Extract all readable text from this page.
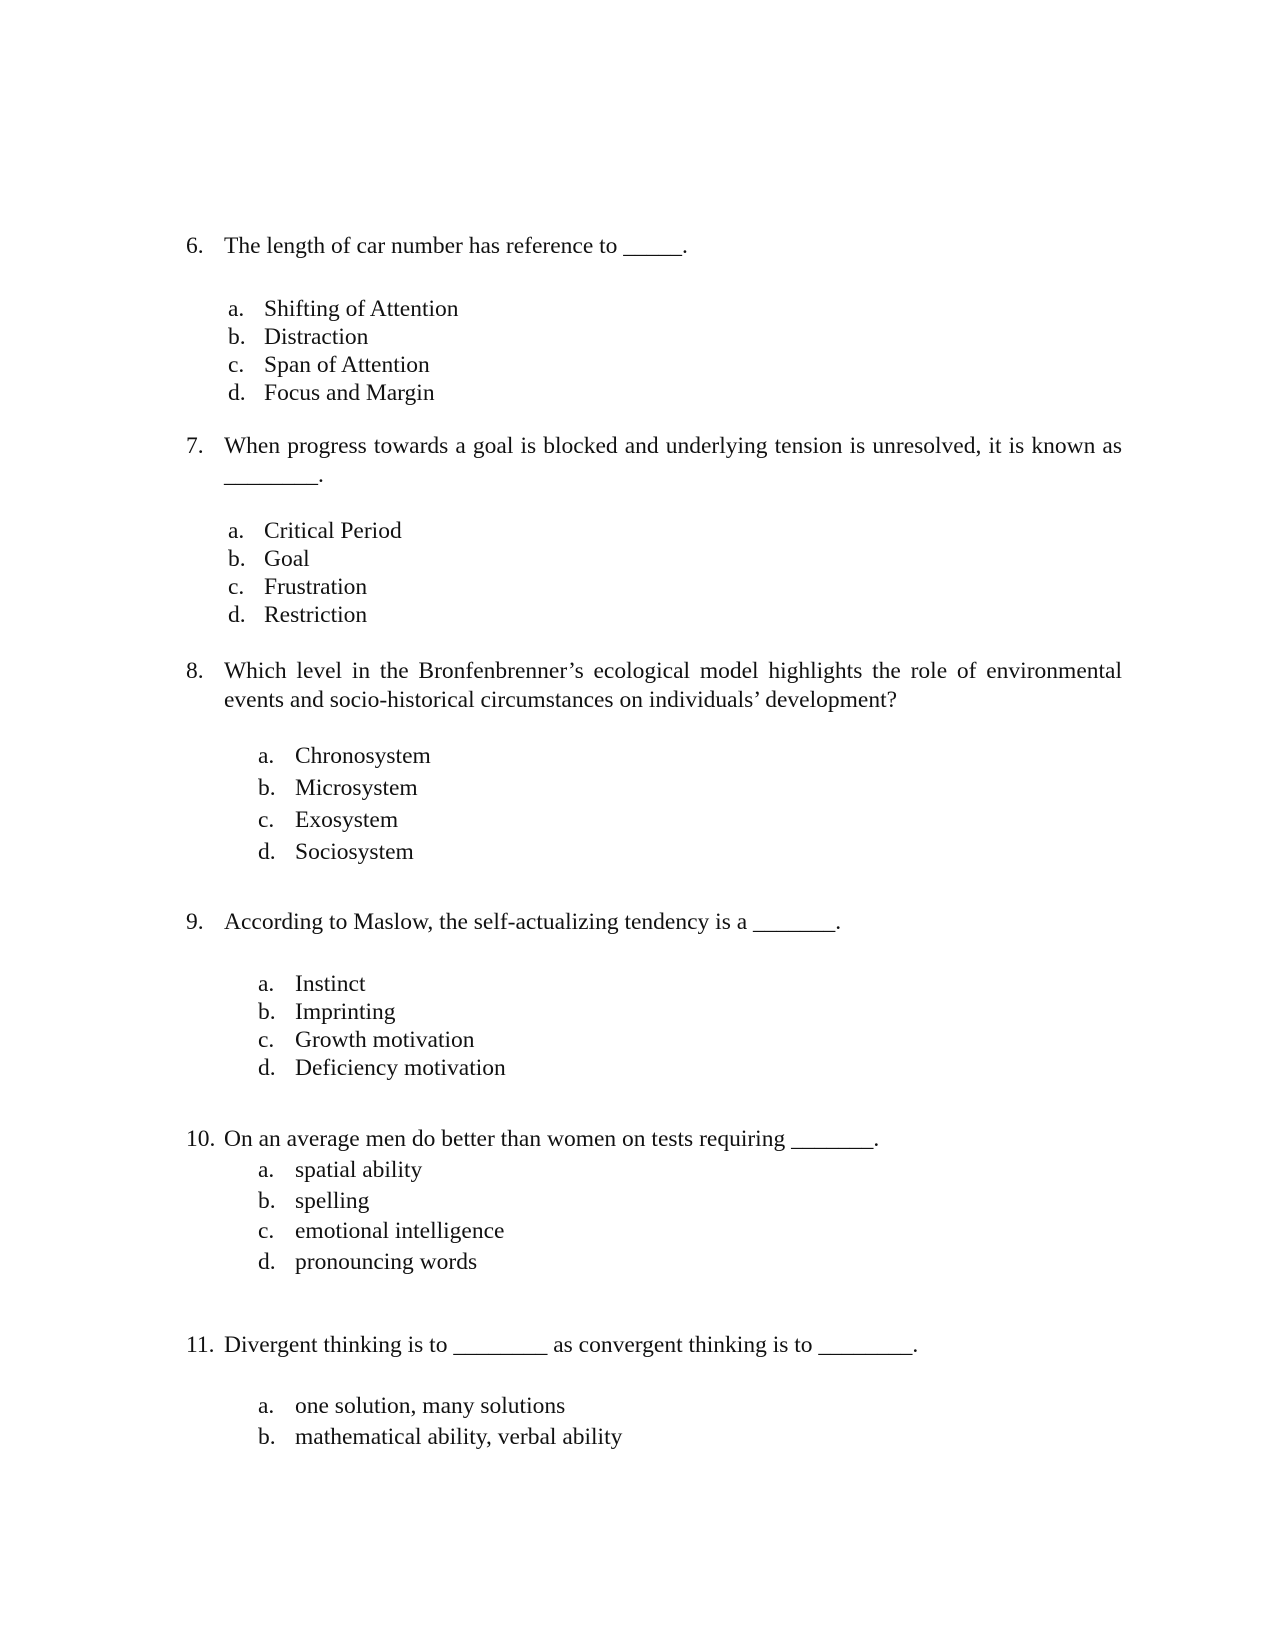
6. The length of car number has reference to _____.
a. Shifting of Attention
b. Distraction
c. Span of Attention
d. Focus and Margin
7. When progress towards a goal is blocked and underlying tension is unresolved, it is known as ________.
a. Critical Period
b. Goal
c. Frustration
d. Restriction
8. Which level in the Bronfenbrenner’s ecological model highlights the role of environmental events and socio-historical circumstances on individuals’ development?
a. Chronosystem
b. Microsystem
c. Exosystem
d. Sociosystem
9. According to Maslow, the self-actualizing tendency is a _______.
a. Instinct
b. Imprinting
c. Growth motivation
d. Deficiency motivation
10. On an average men do better than women on tests requiring _______.
a. spatial ability
b. spelling
c. emotional intelligence
d. pronouncing words
11. Divergent thinking is to ________ as convergent thinking is to ________.
a. one solution, many solutions
b. mathematical ability, verbal ability
